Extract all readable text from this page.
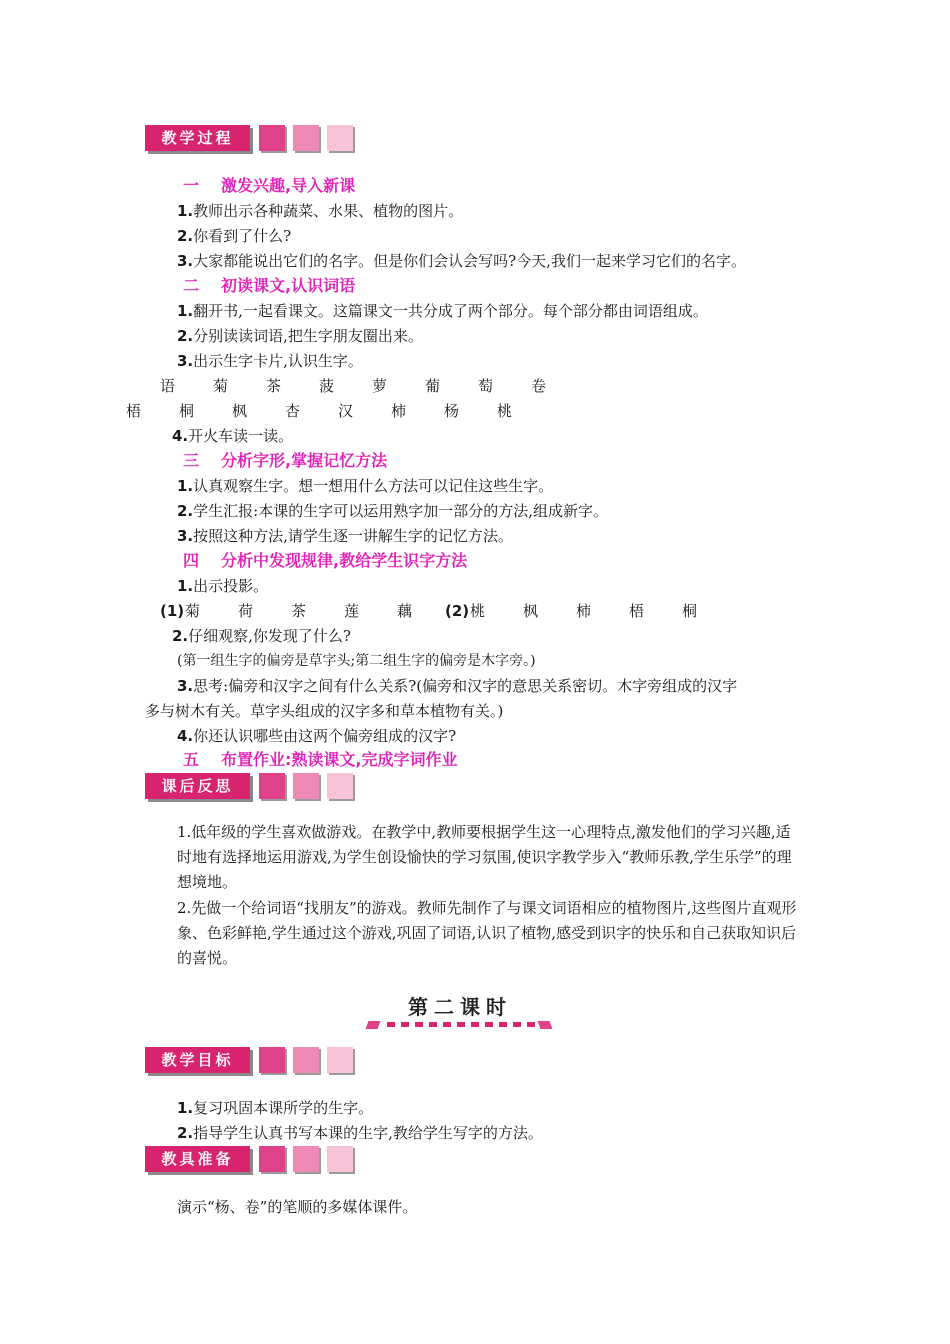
教学过程
一 激发兴趣,导入新课
1.教师出示各种蔬菜、水果、植物的图片。
2.你看到了什么?
3.大家都能说出它们的名字。但是你们会认会写吗?今天,我们一起来学习它们的名字。
二 初读课文,认识词语
1.翻开书,一起看课文。这篇课文一共分成了两个部分。每个部分都由词语组成。
2.分别读读词语,把生字朋友圈出来。
3.出示生字卡片,认识生字。
语	菊	茶	菠	萝	葡	萄	卷
梧	桐	枫	杏	汉	柿	杨	桃
4.开火车读一读。
三 分析字形,掌握记忆方法
1.认真观察生字。想一想用什么方法可以记住这些生字。
2.学生汇报:本课的生字可以运用熟字加一部分的方法,组成新字。
3.按照这种方法,请学生逐一讲解生字的记忆方法。
四 分析中发现规律,教给学生识字方法
1.出示投影。
(1)菊	荷	茶	莲	藕 (2)桃	枫	柿	梧	桐
2.仔细观察,你发现了什么?
(第一组生字的偏旁是草字头;第二组生字的偏旁是木字旁。)
3.思考:偏旁和汉字之间有什么关系?(偏旁和汉字的意思关系密切。木字旁组成的汉字
多与树木有关。草字头组成的汉字多和草本植物有关。)
4.你还认识哪些由这两个偏旁组成的汉字?
五 布置作业:熟读课文,完成字词作业
课后反思
1.低年级的学生喜欢做游戏。在教学中,教师要根据学生这一心理特点,激发他们的学习兴趣,适时地有选择地运用游戏,为学生创设愉快的学习氛围,使识字教学步入“教师乐教,学生乐学”的理想境地。
2.先做一个给词语“找朋友”的游戏。教师先制作了与课文词语相应的植物图片,这些图片直观形象、色彩鲜艳,学生通过这个游戏,巩固了词语,认识了植物,感受到识字的快乐和自己获取知识后的喜悦。
第二课时
教学目标
1.复习巩固本课所学的生字。
2.指导学生认真书写本课的生字,教给学生写字的方法。
教具准备
演示“杨、卷”的笔顺的多媒体课件。
